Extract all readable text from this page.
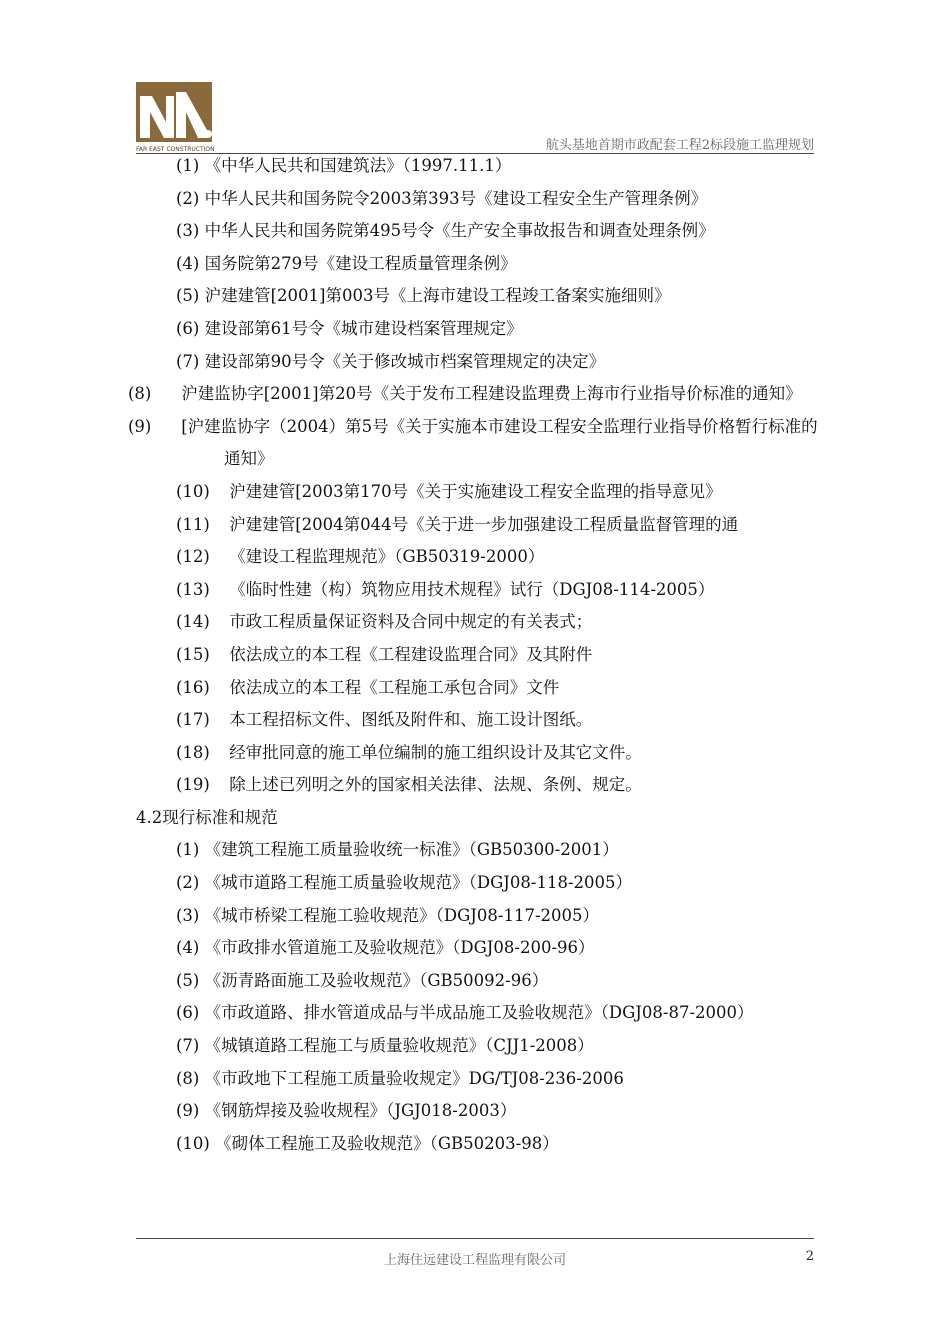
FAR EAST CONSTRUCTION	航头基地首期市政配套工程2标段施工监理规划
(1) 《中华人民共和国建筑法》（1997.11.1）
(2) 中华人民共和国务院令2003第393号《建设工程安全生产管理条例》
(3) 中华人民共和国务院第495号令《生产安全事故报告和调查处理条例》
(4) 国务院第279号《建设工程质量管理条例》
(5) 沪建建管[2001]第003号《上海市建设工程竣工备案实施细则》
(6) 建设部第61号令《城市建设档案管理规定》
(7) 建设部第90号令《关于修改城市档案管理规定的决定》
(8) 沪建监协字[2001]第20号《关于发布工程建设监理费上海市行业指导价标准的通知》
(9) [沪建监协字（2004）第5号《关于实施本市建设工程安全监理行业指导价格暂行标准的通知》
(10) 沪建建管[2003第170号《关于实施建设工程安全监理的指导意见》
(11) 沪建建管[2004第044号《关于进一步加强建设工程质量监督管理的通
(12) 《建设工程监理规范》（GB50319-2000）
(13) 《临时性建（构）筑物应用技术规程》试行（DGJ08-114-2005）
(14) 市政工程质量保证资料及合同中规定的有关表式；
(15) 依法成立的本工程《工程建设监理合同》及其附件
(16) 依法成立的本工程《工程施工承包合同》文件
(17) 本工程招标文件、图纸及附件和、施工设计图纸。
(18) 经审批同意的施工单位编制的施工组织设计及其它文件。
(19) 除上述已列明之外的国家相关法律、法规、条例、规定。
4.2现行标准和规范
(1) 《建筑工程施工质量验收统一标准》（GB50300-2001）
(2) 《城市道路工程施工质量验收规范》（DGJ08-118-2005）
(3) 《城市桥梁工程施工验收规范》（DGJ08-117-2005）
(4) 《市政排水管道施工及验收规范》（DGJ08-200-96）
(5) 《沥青路面施工及验收规范》（GB50092-96）
(6) 《市政道路、排水管道成品与半成品施工及验收规范》（DGJ08-87-2000）
(7) 《城镇道路工程施工与质量验收规范》（CJJ1-2008）
(8) 《市政地下工程施工质量验收规定》DG/TJ08-236-2006
(9) 《钢筋焊接及验收规程》（JGJ018-2003）
(10) 《砌体工程施工及验收规范》（GB50203-98）
上海住远建设工程监理有限公司	2
